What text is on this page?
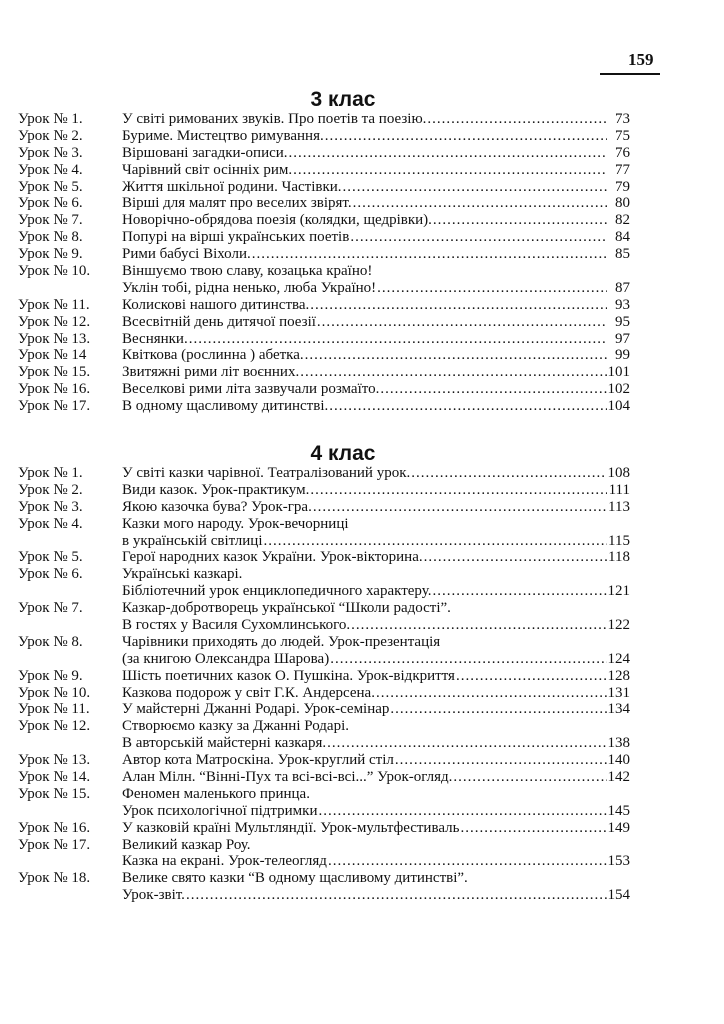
159
3 клас
Урок № 1.	У світі римованих звуків. Про поетів та поезію. .....	73
Урок № 2.	Буриме. Мистецтво римування. .....	75
Урок № 3.	Віршовані загадки-описи. .....	76
Урок № 4.	Чарівний світ осінніх рим. .....	77
Урок № 5.	Життя шкільної родини. Частівки. .....	79
Урок № 6.	Вірші для малят про веселих звірят. .....	80
Урок № 7.	Новорічно-обрядова поезія (колядки, щедрівки). .....	82
Урок № 8.	Попурі на вірші українських поетів .....	84
Урок № 9.	Рими бабусі Віхоли. .....	85
Урок № 10.	Віншуємо твою славу, козацька країно!
Уклін тобі, рідна ненько, люба Україно! .....	87
Урок № 11.	Колискові нашого дитинства. .....	93
Урок № 12.	Всесвітній день дитячої поезії .....	95
Урок № 13.	Веснянки. .....	97
Урок № 14	Квіткова (рослинна ) абетка. .....	99
Урок № 15.	Звитяжні рими літ воєнних. .....	101
Урок № 16.	Веселкові рими літа зазвучали розмаїто. .....	102
Урок № 17.	В одному щасливому дитинстві. .....	104
4 клас
Урок № 1.	У світі казки чарівної. Театралізований урок. .....	108
Урок № 2.	Види казок. Урок-практикум. .....	111
Урок № 3.	Якою казочка бува? Урок-гра. .....	113
Урок № 4.	Казки мого народу. Урок-вечорниці
в українській світлиці .....	115
Урок № 5.	Герої народних казок України. Урок-вікторина. .....	118
Урок № 6.	Українські казкарі.
Бібліотечний урок енциклопедичного характеру. .....	121
Урок № 7.	Казкар-добротворець української “Школи радості”.
В гостях у Василя Сухомлинського. .....	122
Урок № 8.	Чарівники приходять до людей. Урок-презентація
(за книгою Олександра Шарова) .....	124
Урок № 9.	Шість поетичних казок О. Пушкіна. Урок-відкриття .....	128
Урок № 10.	Казкова подорож у світ Г.К. Андерсена. .....	131
Урок № 11.	У майстерні Джанні Родарі. Урок-семінар .....	134
Урок № 12.	Створюємо казку за Джанні Родарі.
В авторській майстерні казкаря. .....	138
Урок № 13.	Автор кота Матроскіна. Урок-круглий стіл .....	140
Урок № 14.	Алан Мілн. “Вінні-Пух та всі-всі-всі...” Урок-огляд. .....	142
Урок № 15.	Феномен маленького принца.
Урок психологічної підтримки .....	145
Урок № 16.	У казковій країні Мультляндії. Урок-мультфестиваль .....	149
Урок № 17.	Великий казкар Роу.
Казка на екрані. Урок-телеогляд .....	153
Урок № 18.	Велике свято казки “В одному щасливому дитинстві”.
Урок-звіт. .....	154
